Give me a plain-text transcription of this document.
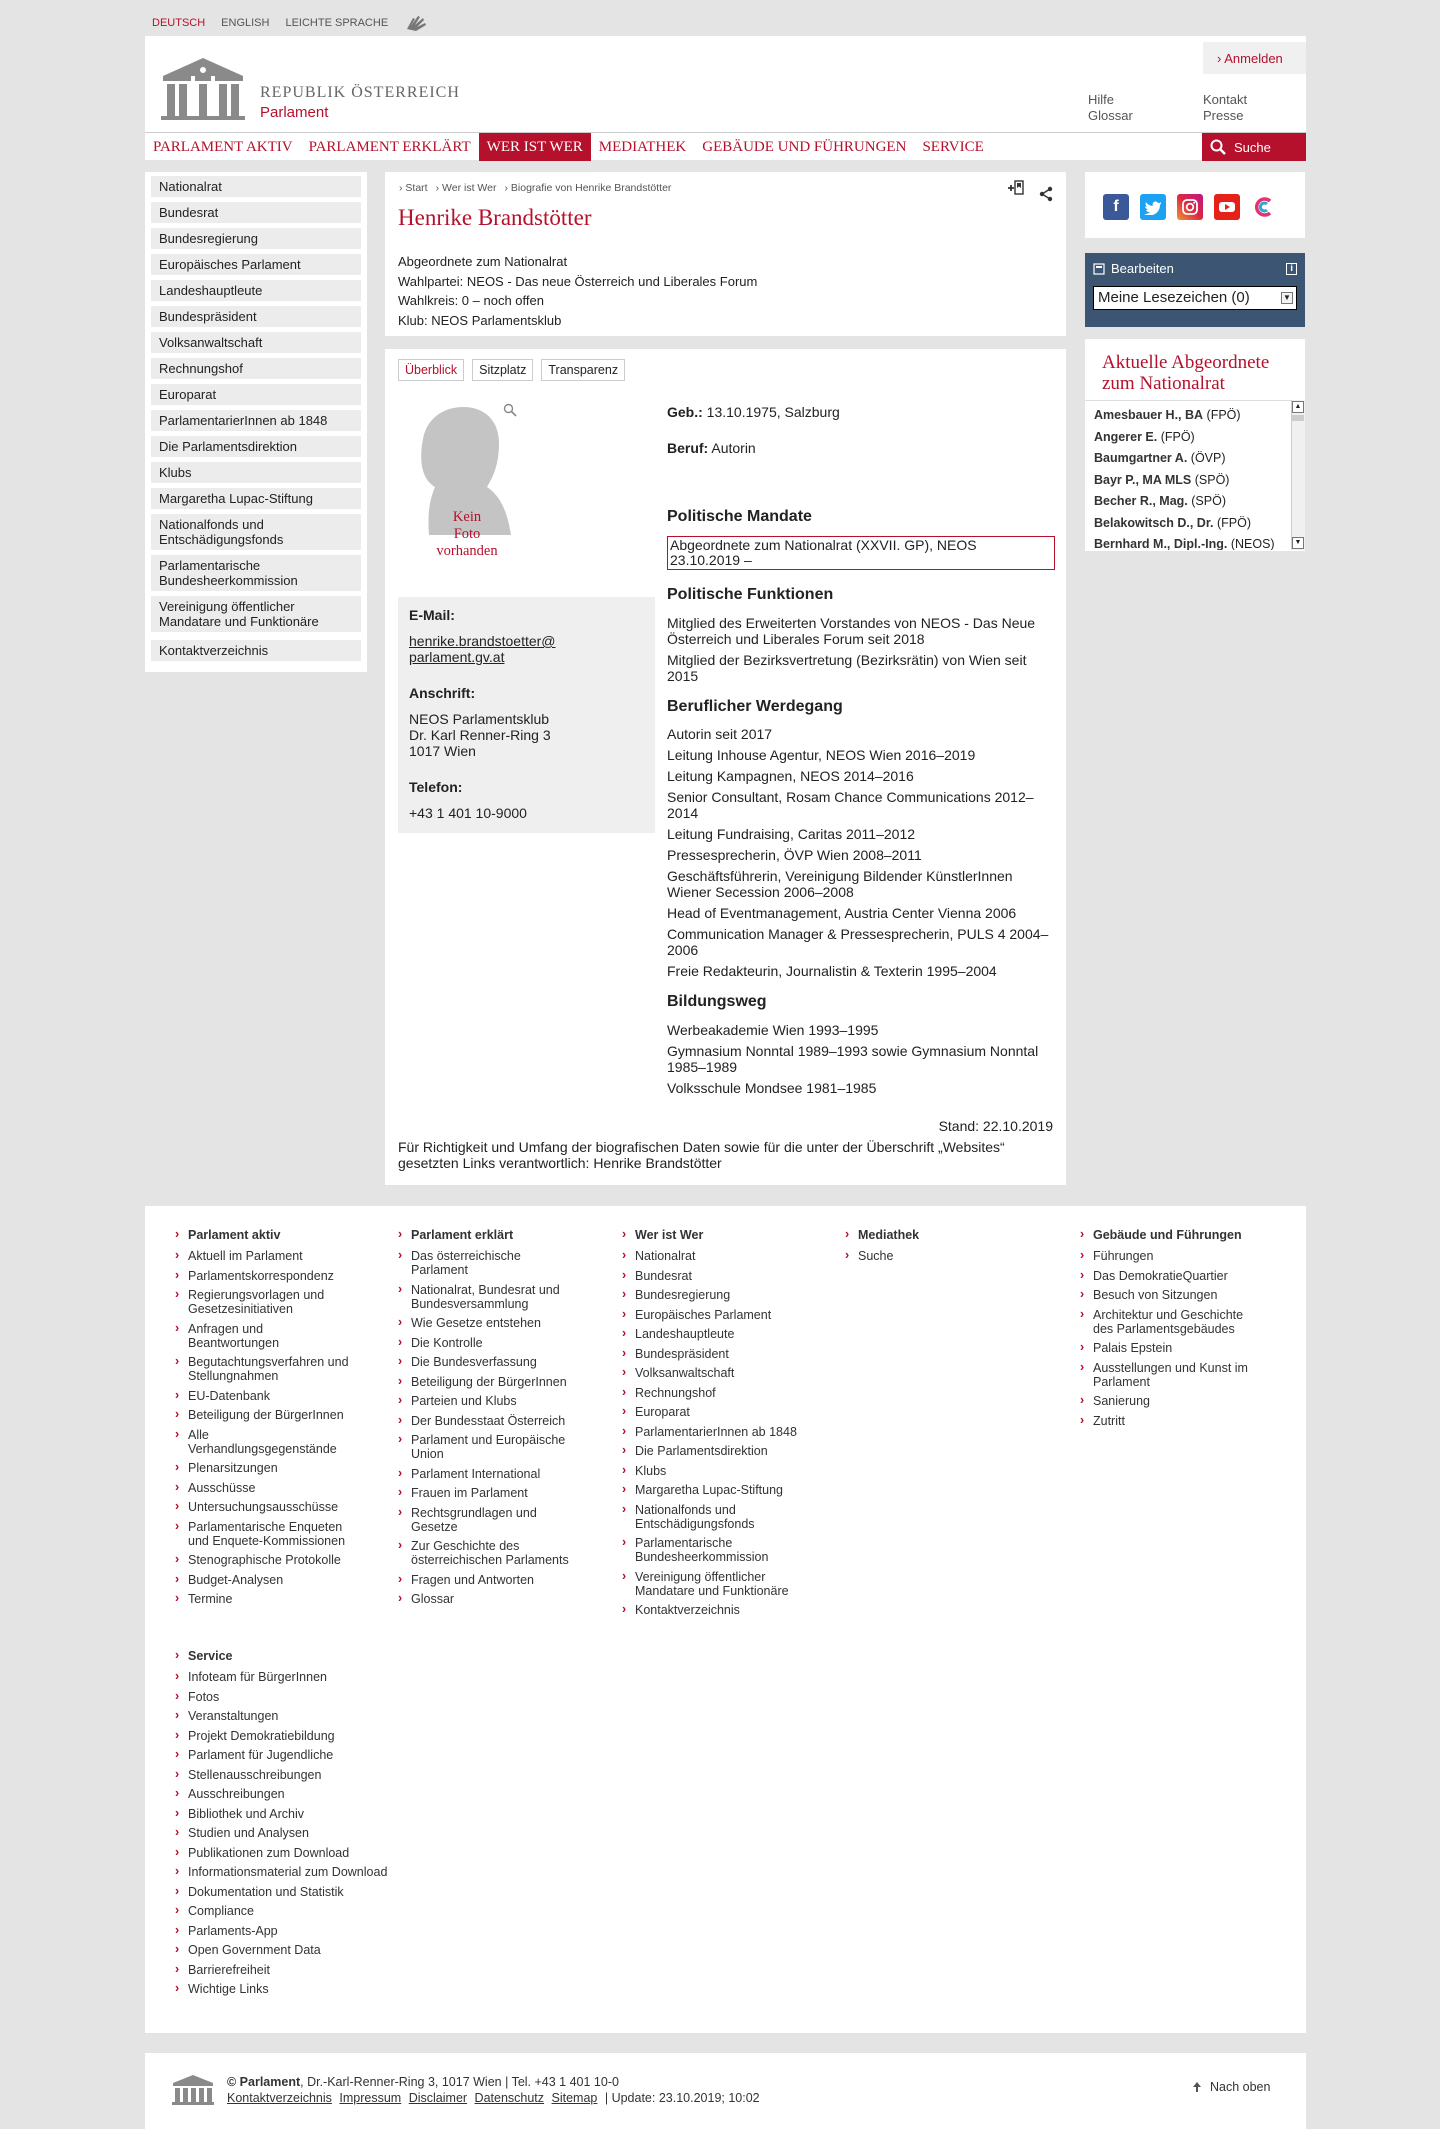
DEUTSCH ENGLISH LEICHTE SPRACHE
REPUBLIK ÖSTERREICH
Parlament
› Anmelden
Hilfe
Glossar
Kontakt
Presse
PARLAMENT AKTIV	PARLAMENT ERKLÄRT	WER IST WER	MEDIATHEK	GEBÄUDE UND FÜHRUNGEN	SERVICE	Suche
Nationalrat
Bundesrat
Bundesregierung
Europäisches Parlament
Landeshauptleute
Bundespräsident
Volksanwaltschaft
Rechnungshof
Europarat
ParlamentarierInnen ab 1848
Die Parlamentsdirektion
Klubs
Margaretha Lupac-Stiftung
Nationalfonds und Entschädigungsfonds
Parlamentarische Bundesheerkommission
Vereinigung öffentlicher Mandatare und Funktionäre
Kontaktverzeichnis
› Start	› Wer ist Wer	› Biografie von Henrike Brandstötter
Henrike Brandstötter
Abgeordnete zum Nationalrat
Wahlpartei: NEOS - Das neue Österreich und Liberales Forum
Wahlkreis: 0 – noch offen
Klub: NEOS Parlamentsklub
Überblick	Sitzplatz	Transparenz
Kein
Foto
vorhanden
E-Mail:
henrike.brandstoetter@
parlament.gv.at
Anschrift:
NEOS Parlamentsklub
Dr. Karl Renner-Ring 3
1017 Wien
Telefon:
+43 1 401 10-9000
Geb.: 13.10.1975, Salzburg
Beruf: Autorin
Politische Mandate
Abgeordnete zum Nationalrat (XXVII. GP), NEOS
23.10.2019 –
Politische Funktionen
Mitglied des Erweiterten Vorstandes von NEOS - Das Neue
Österreich und Liberales Forum seit 2018
Mitglied der Bezirksvertretung (Bezirksrätin) von Wien seit
2015
Beruflicher Werdegang
Autorin seit 2017
Leitung Inhouse Agentur, NEOS Wien 2016–2019
Leitung Kampagnen, NEOS 2014–2016
Senior Consultant, Rosam Chance Communications 2012–
2014
Leitung Fundraising, Caritas 2011–2012
Pressesprecherin, ÖVP Wien 2008–2011
Geschäftsführerin, Vereinigung Bildender KünstlerInnen
Wiener Secession 2006–2008
Head of Eventmanagement, Austria Center Vienna 2006
Communication Manager & Pressesprecherin, PULS 4 2004–
2006
Freie Redakteurin, Journalistin & Texterin 1995–2004
Bildungsweg
Werbeakademie Wien 1993–1995
Gymnasium Nonntal 1989–1993 sowie Gymnasium Nonntal
1985–1989
Volksschule Mondsee 1981–1985
Stand: 22.10.2019
Für Richtigkeit und Umfang der biografischen Daten sowie für die unter der Überschrift „Websites“
gesetzten Links verantwortlich: Henrike Brandstötter
f
Bearbeiten	i
Meine Lesezeichen (0)	▼
Aktuelle Abgeordnete
zum Nationalrat
Amesbauer H., BA (FPÖ)
Angerer E. (FPÖ)
Baumgartner A. (ÖVP)
Bayr P., MA MLS (SPÖ)
Becher R., Mag. (SPÖ)
Belakowitsch D., Dr. (FPÖ)
Bernhard M., Dipl.-Ing. (NEOS)
▲
▼
› Parlament aktiv
› Aktuell im Parlament
› Parlamentskorrespondenz
› Regierungsvorlagen und Gesetzesinitiativen
› Anfragen und Beantwortungen
› Begutachtungsverfahren und Stellungnahmen
› EU-Datenbank
› Beteiligung der BürgerInnen
› Alle Verhandlungsgegenstände
› Plenarsitzungen
› Ausschüsse
› Untersuchungsausschüsse
› Parlamentarische Enqueten und Enquete-Kommissionen
› Stenographische Protokolle
› Budget-Analysen
› Termine
› Parlament erklärt
› Das österreichische Parlament
› Nationalrat, Bundesrat und Bundesversammlung
› Wie Gesetze entstehen
› Die Kontrolle
› Die Bundesverfassung
› Beteiligung der BürgerInnen
› Parteien und Klubs
› Der Bundesstaat Österreich
› Parlament und Europäische Union
› Parlament International
› Frauen im Parlament
› Rechtsgrundlagen und Gesetze
› Zur Geschichte des österreichischen Parlaments
› Fragen und Antworten
› Glossar
› Wer ist Wer
› Nationalrat
› Bundesrat
› Bundesregierung
› Europäisches Parlament
› Landeshauptleute
› Bundespräsident
› Volksanwaltschaft
› Rechnungshof
› Europarat
› ParlamentarierInnen ab 1848
› Die Parlamentsdirektion
› Klubs
› Margaretha Lupac-Stiftung
› Nationalfonds und Entschädigungsfonds
› Parlamentarische Bundesheerkommission
› Vereinigung öffentlicher Mandatare und Funktionäre
› Kontaktverzeichnis
› Mediathek
› Suche
› Gebäude und Führungen
› Führungen
› Das DemokratieQuartier
› Besuch von Sitzungen
› Architektur und Geschichte des Parlamentsgebäudes
› Palais Epstein
› Ausstellungen und Kunst im Parlament
› Sanierung
› Zutritt
› Service
› Infoteam für BürgerInnen
› Fotos
› Veranstaltungen
› Projekt Demokratiebildung
› Parlament für Jugendliche
› Stellenausschreibungen
› Ausschreibungen
› Bibliothek und Archiv
› Studien und Analysen
› Publikationen zum Download
› Informationsmaterial zum Download
› Dokumentation und Statistik
› Compliance
› Parlaments-App
› Open Government Data
› Barrierefreiheit
› Wichtige Links
© Parlament, Dr.-Karl-Renner-Ring 3, 1017 Wien | Tel. +43 1 401 10-0
Kontaktverzeichnis Impressum Disclaimer Datenschutz Sitemap | Update: 23.10.2019; 10:02
Nach oben
